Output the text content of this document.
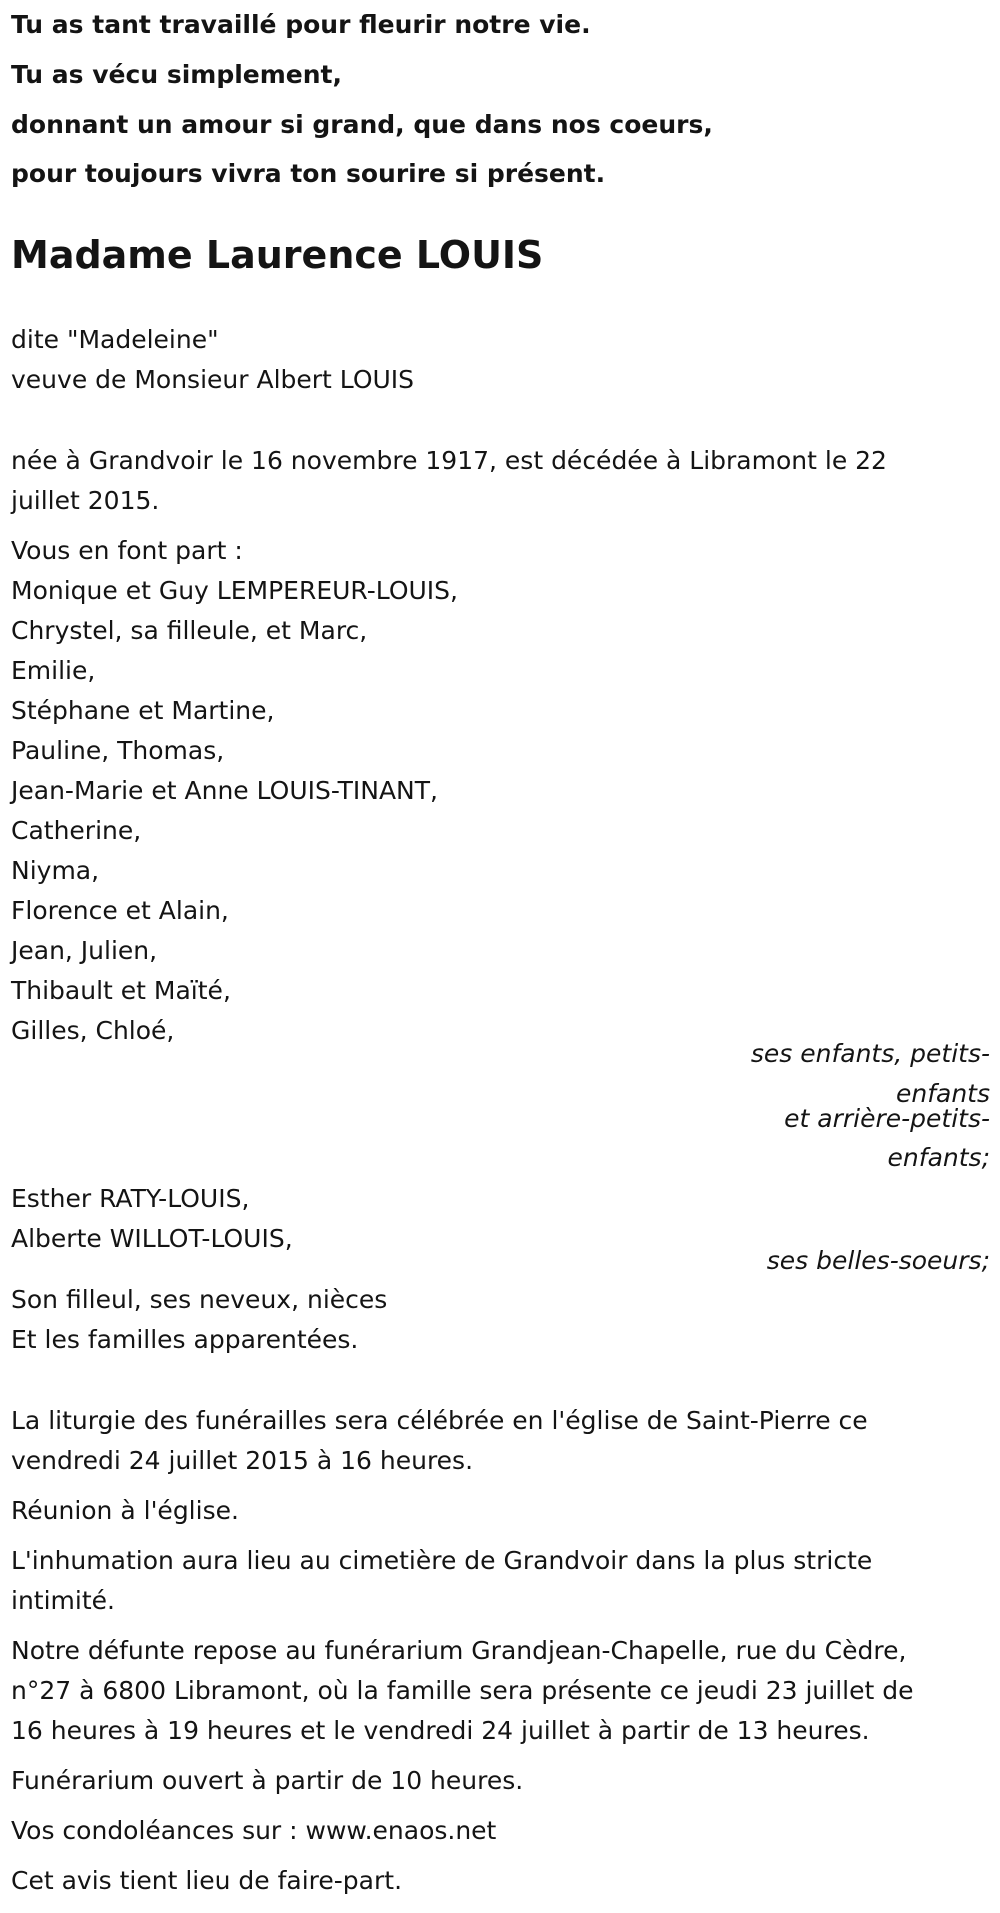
Tu as tant travaillé pour fleurir notre vie.
Tu as vécu simplement,
donnant un amour si grand, que dans nos coeurs,
pour toujours vivra ton sourire si présent.
Madame Laurence LOUIS
dite "Madeleine"
veuve de Monsieur Albert LOUIS
née à Grandvoir le 16 novembre 1917, est décédée à Libramont le 22
juillet 2015.
Vous en font part :
Monique et Guy LEMPEREUR-LOUIS,
Chrystel, sa filleule, et Marc,
Emilie,
Stéphane et Martine,
Pauline, Thomas,
Jean-Marie et Anne LOUIS-TINANT,
Catherine,
Niyma,
Florence et Alain,
Jean, Julien,
Thibault et Maïté,
Gilles, Chloé,
ses enfants, petits-
enfants
et arrière-petits-
enfants;
Esther RATY-LOUIS,
Alberte WILLOT-LOUIS,
ses belles-soeurs;
Son filleul, ses neveux, nièces
Et les familles apparentées.
La liturgie des funérailles sera célébrée en l'église de Saint-Pierre ce
vendredi 24 juillet 2015 à 16 heures.
Réunion à l'église.
L'inhumation aura lieu au cimetière de Grandvoir dans la plus stricte
intimité.
Notre défunte repose au funérarium Grandjean-Chapelle, rue du Cèdre,
n°27 à 6800 Libramont, où la famille sera présente ce jeudi 23 juillet de
16 heures à 19 heures et le vendredi 24 juillet à partir de 13 heures.
Funérarium ouvert à partir de 10 heures.
Vos condoléances sur : www.enaos.net
Cet avis tient lieu de faire-part.
